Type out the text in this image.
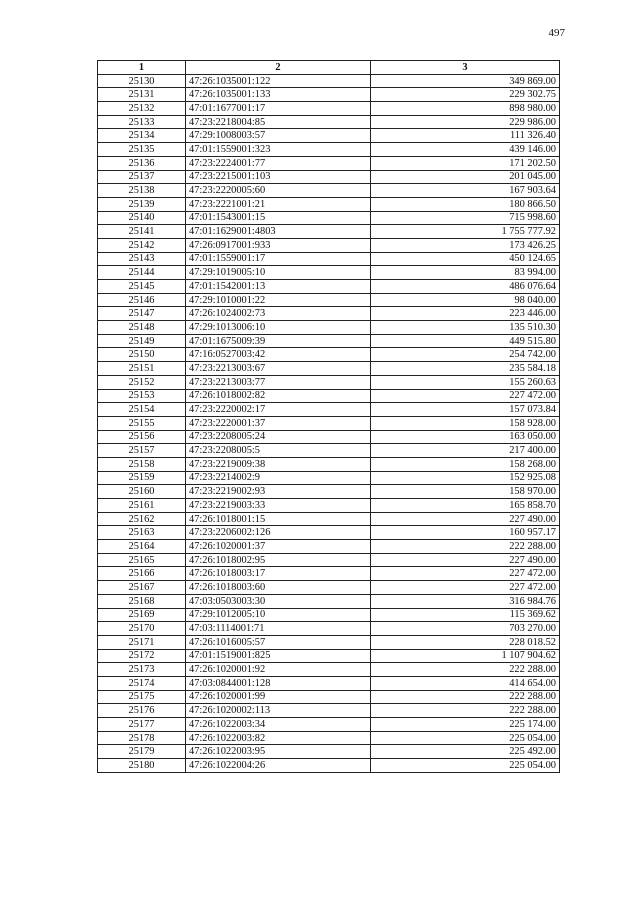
497
1	2	3
25130	47:26:1035001:122	349 869.00
25131	47:26:1035001:133	229 302.75
25132	47:01:1677001:17	898 980.00
25133	47:23:2218004:85	229 986.00
25134	47:29:1008003:57	111 326.40
25135	47:01:1559001:323	439 146.00
25136	47:23:2224001:77	171 202.50
25137	47:23:2215001:103	201 045.00
25138	47:23:2220005:60	167 903.64
25139	47:23:2221001:21	180 866.50
25140	47:01:1543001:15	715 998.60
25141	47:01:1629001:4803	1 755 777.92
25142	47:26:0917001:933	173 426.25
25143	47:01:1559001:17	450 124.65
25144	47:29:1019005:10	83 994.00
25145	47:01:1542001:13	486 076.64
25146	47:29:1010001:22	98 040.00
25147	47:26:1024002:73	223 446.00
25148	47:29:1013006:10	135 510.30
25149	47:01:1675009:39	449 515.80
25150	47:16:0527003:42	254 742.00
25151	47:23:2213003:67	235 584.18
25152	47:23:2213003:77	155 260.63
25153	47:26:1018002:82	227 472.00
25154	47:23:2220002:17	157 073.84
25155	47:23:2220001:37	158 928.00
25156	47:23:2208005:24	163 050.00
25157	47:23:2208005:5	217 400.00
25158	47:23:2219009:38	158 268.00
25159	47:23:2214002:9	152 925.08
25160	47:23:2219002:93	158 970.00
25161	47:23:2219003:33	165 858.70
25162	47:26:1018001:15	227 490.00
25163	47:23:2206002:126	160 957.17
25164	47:26:1020001:37	222 288.00
25165	47:26:1018002:95	227 490.00
25166	47:26:1018003:17	227 472.00
25167	47:26:1018003:60	227 472.00
25168	47:03:0503003:30	316 984.76
25169	47:29:1012005:10	115 369.62
25170	47:03:1114001:71	703 270.00
25171	47:26:1016005:57	228 018.52
25172	47:01:1519001:825	1 107 904.62
25173	47:26:1020001:92	222 288.00
25174	47:03:0844001:128	414 654.00
25175	47:26:1020001:99	222 288.00
25176	47:26:1020002:113	222 288.00
25177	47:26:1022003:34	225 174.00
25178	47:26:1022003:82	225 054.00
25179	47:26:1022003:95	225 492.00
25180	47:26:1022004:26	225 054.00
